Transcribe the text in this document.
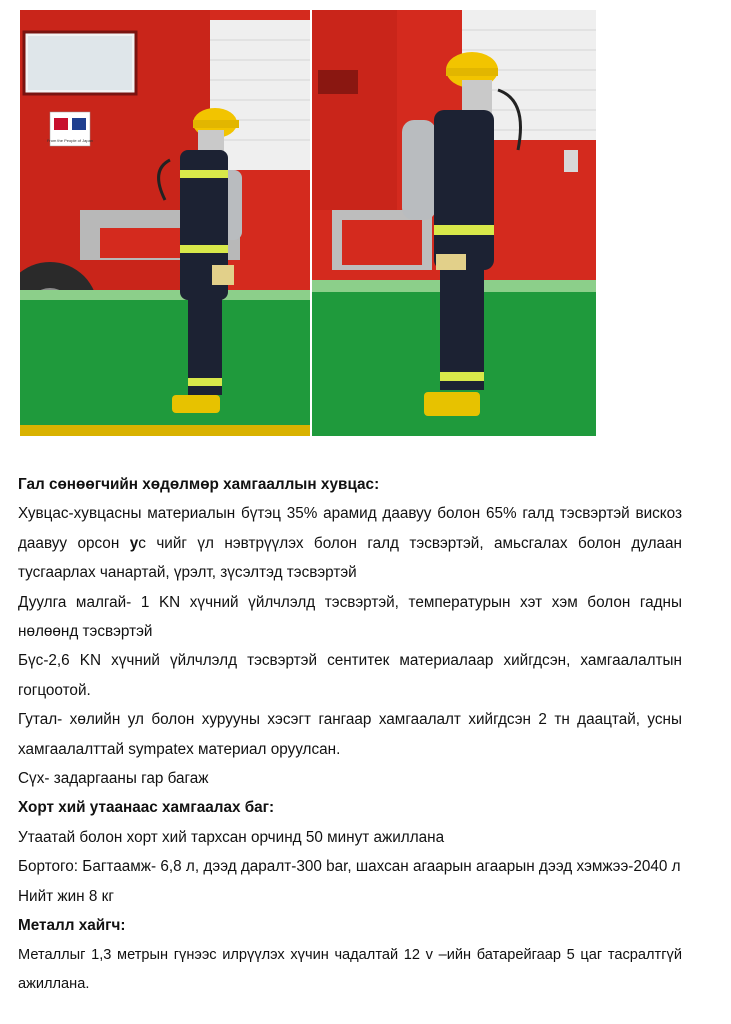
From the People of Japan

Гал сөнөөгчийн хөдөлмөр хамгааллын хувцас:

Хувцас-хувцасны материалын бүтэц 35% арамид даавуу болон 65% галд тэсвэртэй вискоз даавуу орсон ус чийг үл нэвтрүүлэх болон галд тэсвэртэй, амьсгалах болон дулаан тусгаарлах чанартай, үрэлт, зүсэлтэд тэсвэртэй

Дуулга малгай- 1 KN хүчний үйлчлэлд тэсвэртэй, температурын хэт хэм болон гадны нөлөөнд тэсвэртэй

Бүс-2,6 KN хүчний үйлчлэлд тэсвэртэй сентитек материалаар хийгдсэн, хамгаалалтын гогцоотой.

Гутал- хөлийн ул болон хурууны хэсэгт гангаар хамгаалалт хийгдсэн 2 тн даацтай, усны хамгаалалттай sympatex материал оруулсан.

Сүх- задаргааны гар багаж

Хорт хий утаанаас хамгаалах баг:

Утаатай болон хорт хий тархсан орчинд 50 минут ажиллана

Бортого: Багтаамж- 6,8 л, дээд даралт-300 bar, шахсан агаарын агаарын дээд хэмжээ-2040 л

Нийт жин 8 кг

Металл хайгч:

Металлыг 1,3 метрын гүнээс илрүүлэх хүчин чадалтай 12 v –ийн батарейгаар 5 цаг тасралтгүй ажиллана.
